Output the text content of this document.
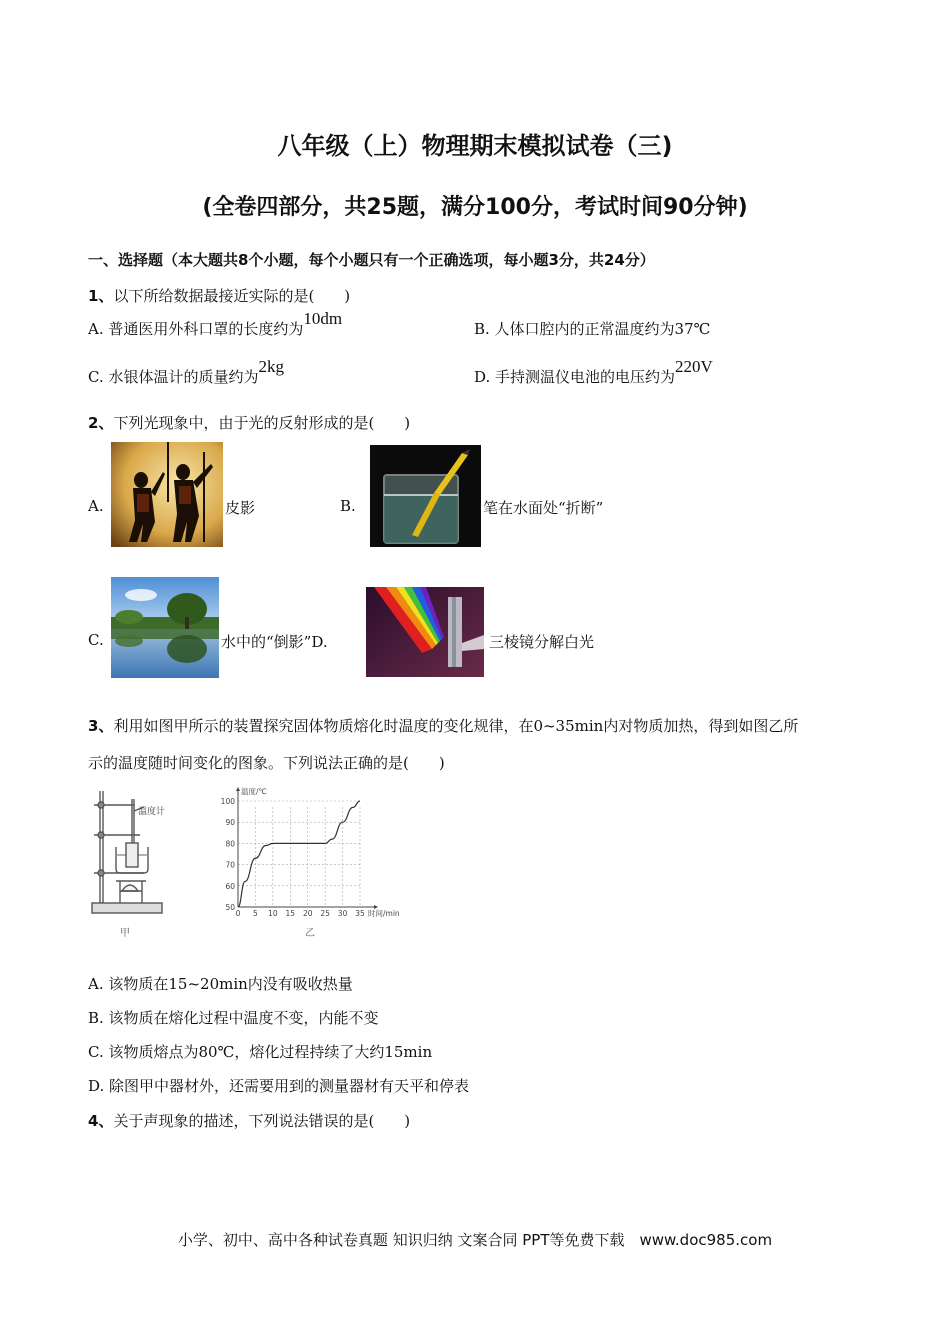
八年级（上）物理期末模拟试卷（三)
(全卷四部分，共25题，满分100分，考试时间90分钟)
一、选择题（本大题共8个小题，每个小题只有一个正确选项，每小题3分，共24分）
1、以下所给数据最接近实际的是(　　)
A. 普通医用外科口罩的长度约为10dm
B. 人体口腔内的正常温度约为37℃
C. 水银体温计的质量约为2kg
D. 手持测温仪电池的电压约为220V
2、下列光现象中，由于光的反射形成的是(　　)
A.	皮影	B.	笔在水面处“折断”
C.	水中的“倒影”D.	三棱镜分解白光
3、利用如图甲所示的装置探究固体物质熔化时温度的变化规律，在0~35min内对物质加热，得到如图乙所
示的温度随时间变化的图象。下列说法正确的是(　　)
甲
温度计
0 5 10 15 20 25 30 35
50
60
70
80
90
100
时间/min
温度/℃
乙
A. 该物质在15~20min内没有吸收热量
B. 该物质在熔化过程中温度不变，内能不变
C. 该物质熔点为80℃，熔化过程持续了大约15min
D. 除图甲中器材外，还需要用到的测量器材有天平和停表
4、关于声现象的描述，下列说法错误的是(　　)
小学、初中、高中各种试卷真题 知识归纳 文案合同 PPT等免费下载　www.doc985.com
